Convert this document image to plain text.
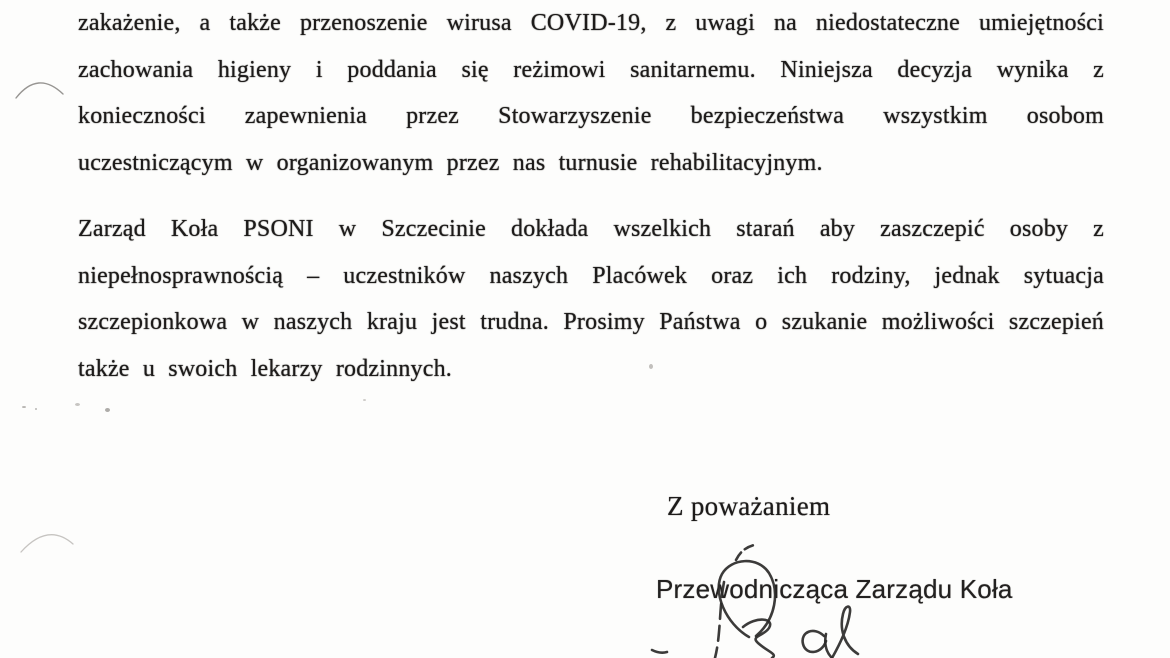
zakażenie, a także przenoszenie wirusa COVID-19, z uwagi na niedostateczne umiejętności
zachowania higieny i poddania się reżimowi sanitarnemu. Niniejsza decyzja wynika z
konieczności zapewnienia przez Stowarzyszenie bezpieczeństwa wszystkim osobom
uczestniczącym w organizowanym przez nas turnusie rehabilitacyjnym.
Zarząd Koła PSONI w Szczecinie dokłada wszelkich starań aby zaszczepić osoby z
niepełnosprawnością – uczestników naszych Placówek oraz ich rodziny, jednak sytuacja
szczepionkowa w naszych kraju jest trudna. Prosimy Państwa o szukanie możliwości szczepień
także u swoich lekarzy rodzinnych.
Z poważaniem
Przewodnicząca Zarządu Koła
